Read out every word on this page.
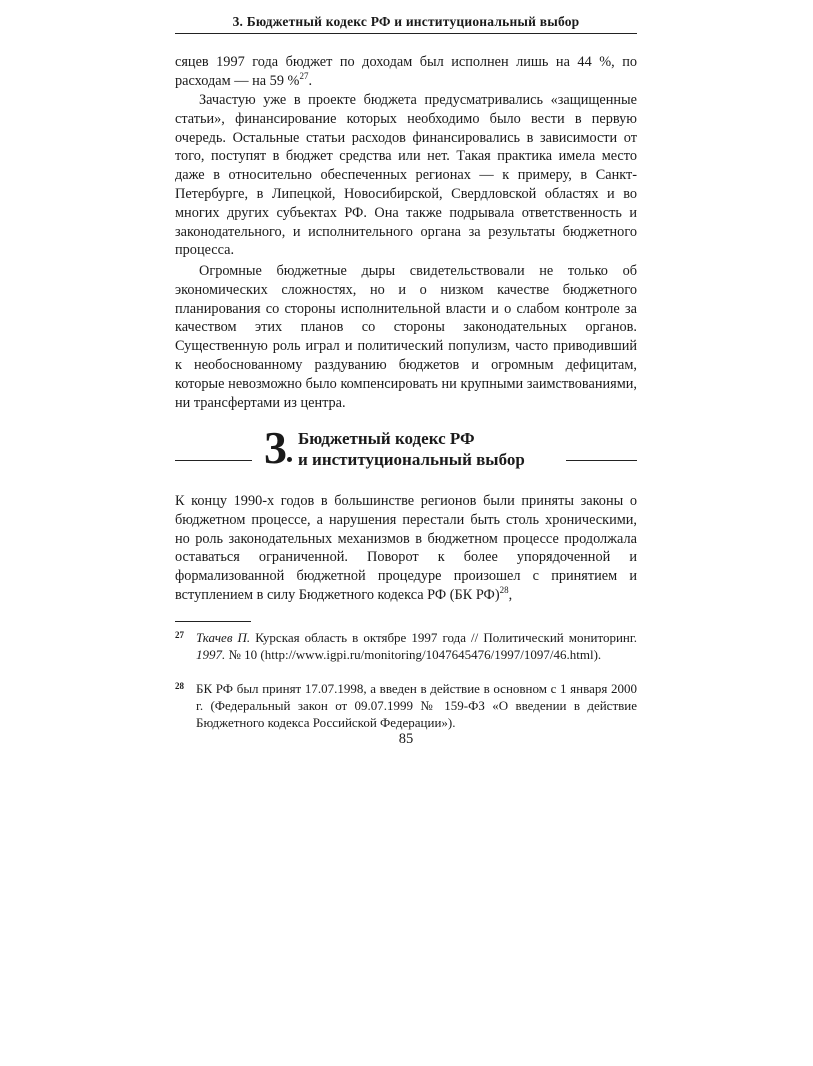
3. Бюджетный кодекс РФ и институциональный выбор

сяцев 1997 года бюджет по доходам был исполнен лишь на 44 %, по расходам — на 59 %$^{27}$.

Зачастую уже в проекте бюджета предусматривались «защищенные статьи», финансирование которых необходимо было вести в первую очередь. Остальные статьи расходов финансировались в зависимости от того, поступят в бюджет средства или нет. Такая практика имела место даже в относительно обеспеченных регионах — к примеру, в Санкт-Петербурге, в Липецкой, Новосибирской, Свердловской областях и во многих других субъектах РФ. Она также подрывала ответственность и законодательного, и исполнительного органа за результаты бюджетного процесса.

Огромные бюджетные дыры свидетельствовали не только об экономических сложностях, но и о низком качестве бюджетного планирования со стороны исполнительной власти и о слабом контроле за качеством этих планов со стороны законодательных органов. Существенную роль играл и политический популизм, часто приводивший к необоснованному раздуванию бюджетов и огромным дефицитам, которые невозможно было компенсировать ни крупными заимствованиями, ни трансфертами из центра.

3 Бюджетный кодекс РФ
и институциональный выбор

К концу 1990-х годов в большинстве регионов были приняты законы о бюджетном процессе, а нарушения перестали быть столь хроническими, но роль законодательных механизмов в бюджетном процессе продолжала оставаться ограниченной. Поворот к более упорядоченной и формализованной бюджетной процедуре произошел с принятием и вступлением в силу Бюджетного кодекса РФ (БК РФ)$^{28}$,

27 Ткачев П. Курская область в октябре 1997 года // Политический мониторинг. 1997. № 10 (http://www.igpi.ru/monitoring/1047645476/1997/1097/46.html).
28 БК РФ был принят 17.07.1998, а введен в действие в основном с 1 января 2000 г. (Федеральный закон от 09.07.1999 № 159-ФЗ «О введении в действие Бюджетного кодекса Российской Федерации»).
85
